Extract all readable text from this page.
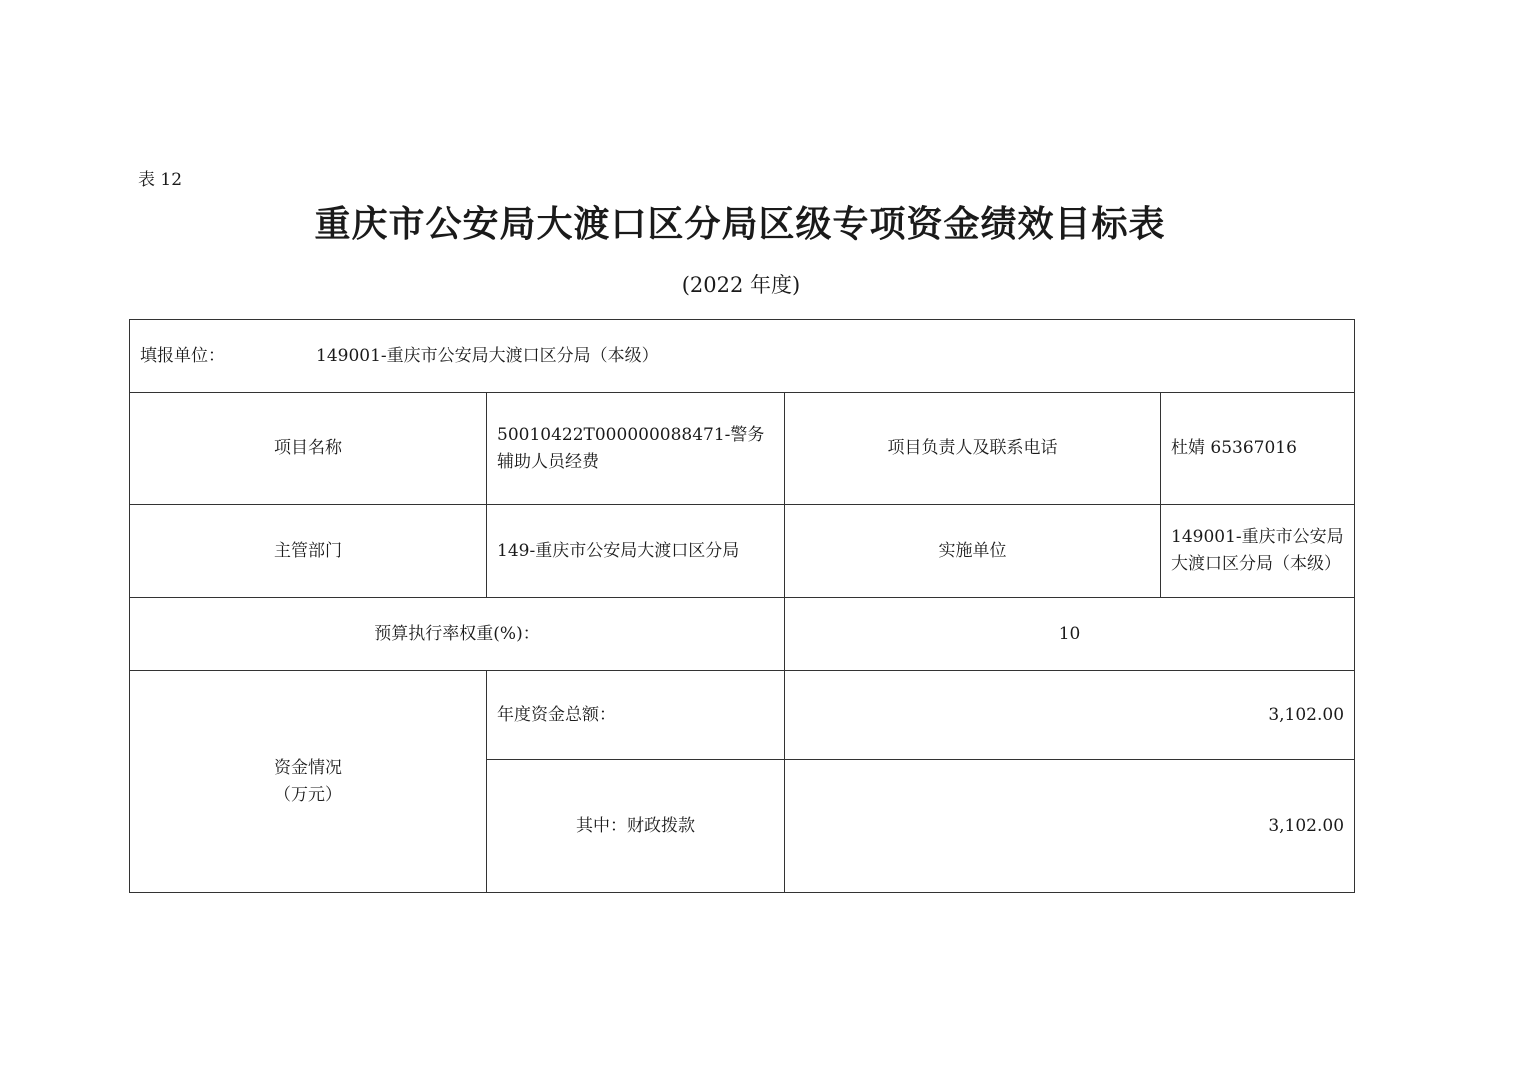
表 12
重庆市公安局大渡口区分局区级专项资金绩效目标表
(2022 年度)
填报单位： 149001-重庆市公安局大渡口区分局（本级）			
项目名称	50010422T000000088471-警务辅助人员经费	项目负责人及联系电话	杜婧 65367016
主管部门	149-重庆市公安局大渡口区分局	实施单位	149001-重庆市公安局大渡口区分局（本级）
预算执行率权重(%)：		10	

资金情况
（万元）	年度资金总额：	3,102.00	
	其中：财政拨款	3,102.00	
